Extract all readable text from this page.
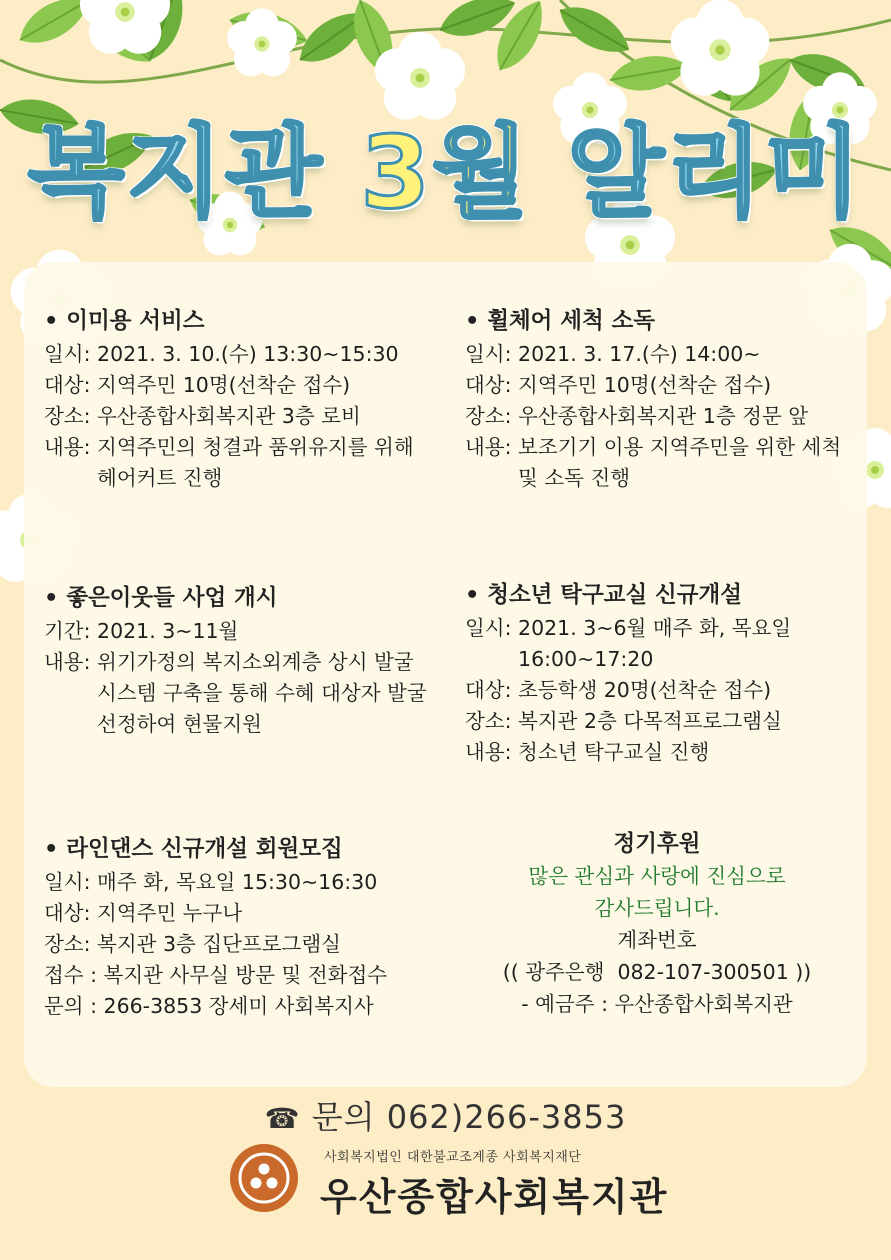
복지관 3월 알리미
• 이미용 서비스
일시: 2021. 3. 10.(수) 13:30~15:30
대상: 지역주민 10명(선착순 접수)
장소: 우산종합사회복지관 3층 로비
내용: 지역주민의 청결과 품위유지를 위해 헤어커트 진행
• 휠체어 세척 소독
일시: 2021. 3. 17.(수) 14:00~
대상: 지역주민 10명(선착순 접수)
장소: 우산종합사회복지관 1층 정문 앞
내용: 보조기기 이용 지역주민을 위한 세척 및 소독 진행
• 좋은이웃들 사업 개시
기간: 2021. 3~11월
내용: 위기가정의 복지소외계층 상시 발굴 시스템 구축을 통해 수혜 대상자 발굴 선정하여 현물지원
• 청소년 탁구교실 신규개설
일시: 2021. 3~6월 매주 화, 목요일 16:00~17:20
대상: 초등학생 20명(선착순 접수)
장소: 복지관 2층 다목적프로그램실
내용: 청소년 탁구교실 진행
• 라인댄스 신규개설 회원모집
일시: 매주 화, 목요일 15:30~16:30
대상: 지역주민 누구나
장소: 복지관 3층 집단프로그램실
접수 : 복지관 사무실 방문 및 전화접수
문의 : 266-3853 장세미 사회복지사
정기후원
많은 관심과 사랑에 진심으로
감사드립니다.
계좌번호
(( 광주은행  082-107-300501 ))
- 예금주 : 우산종합사회복지관
☎ 문의 062)266-3853
사회복지법인 대한불교조계종 사회복지재단
우산종합사회복지관
